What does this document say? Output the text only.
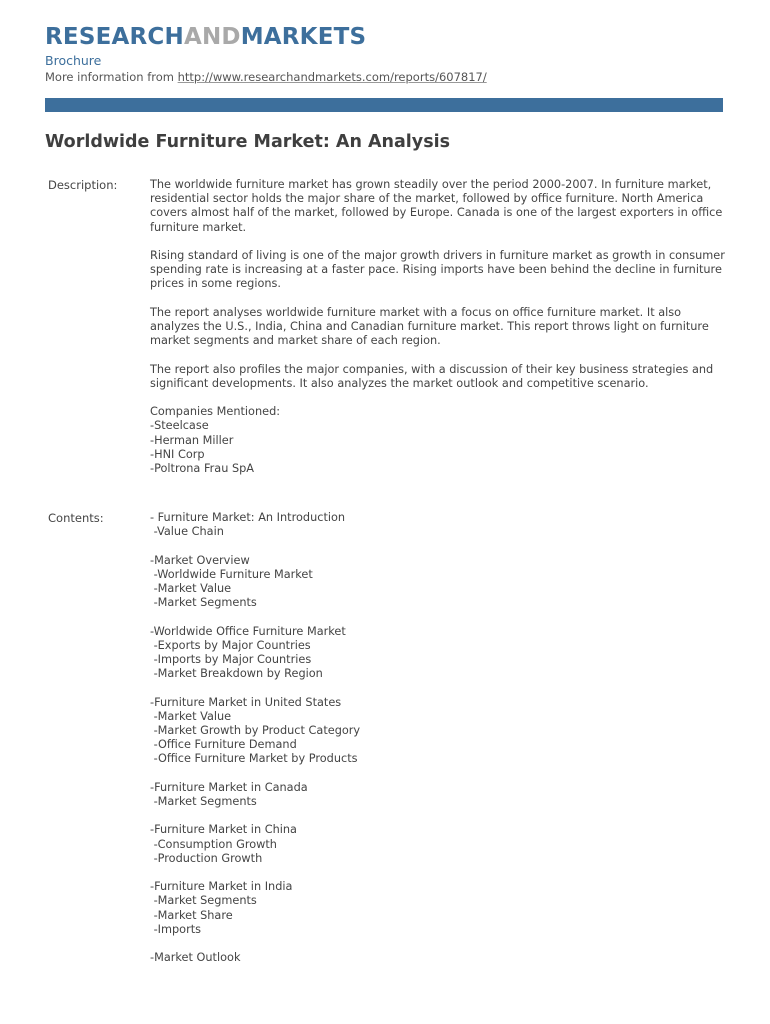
RESEARCHANDMARKETS
Brochure
More information from http://www.researchandmarkets.com/reports/607817/
Worldwide Furniture Market: An Analysis
Description:	The worldwide furniture market has grown steadily over the period 2000-2007. In furniture market, residential sector holds the major share of the market, followed by office furniture. North America covers almost half of the market, followed by Europe. Canada is one of the largest exporters in office furniture market.

Rising standard of living is one of the major growth drivers in furniture market as growth in consumer spending rate is increasing at a faster pace. Rising imports have been behind the decline in furniture prices in some regions.

The report analyses worldwide furniture market with a focus on office furniture market. It also analyzes the U.S., India, China and Canadian furniture market. This report throws light on furniture market segments and market share of each region.

The report also profiles the major companies, with a discussion of their key business strategies and significant developments. It also analyzes the market outlook and competitive scenario.

Companies Mentioned:
-Steelcase
-Herman Miller
-HNI Corp
-Poltrona Frau SpA
Contents:	- Furniture Market: An Introduction
-Value Chain
-Market Overview
-Worldwide Furniture Market
-Market Value
-Market Segments
-Worldwide Office Furniture Market
-Exports by Major Countries
-Imports by Major Countries
-Market Breakdown by Region
-Furniture Market in United States
-Market Value
-Market Growth by Product Category
-Office Furniture Demand
-Office Furniture Market by Products
-Furniture Market in Canada
-Market Segments
-Furniture Market in China
-Consumption Growth
-Production Growth
-Furniture Market in India
-Market Segments
-Market Share
-Imports
-Market Outlook
